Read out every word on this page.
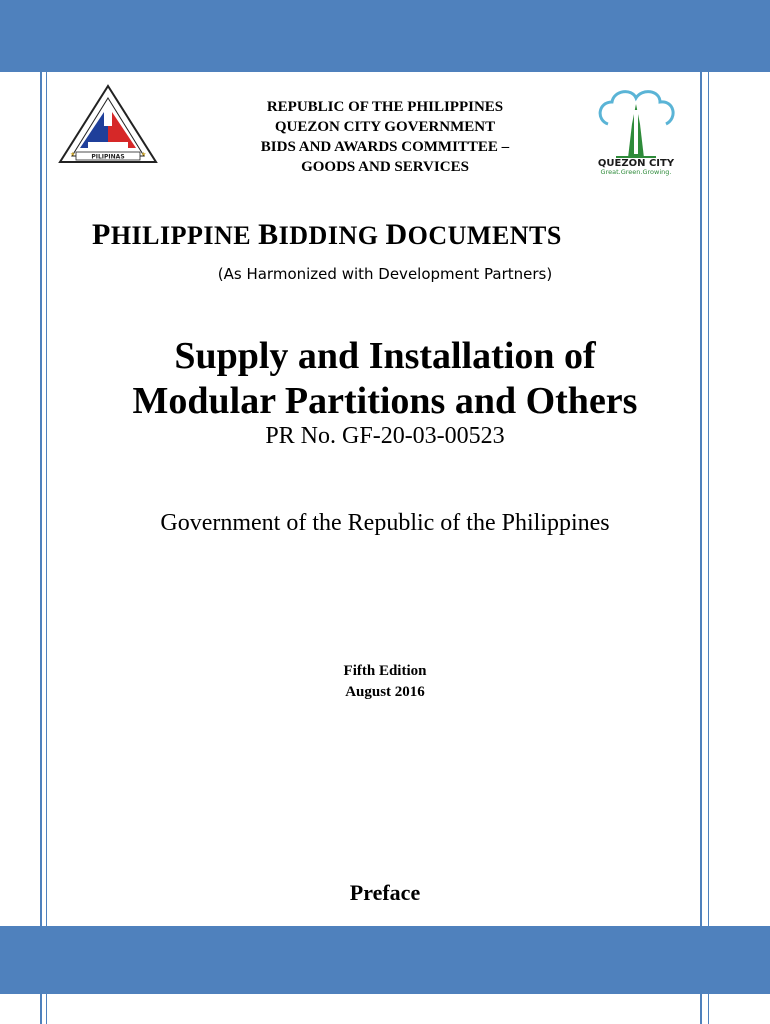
PILIPINAS
★	★
QUEZON CITY
Great.Green.Growing.
REPUBLIC OF THE PHILIPPINES
QUEZON CITY GOVERNMENT
BIDS AND AWARDS COMMITTEE –
GOODS AND SERVICES
PHILIPPINE BIDDING DOCUMENTS
(As Harmonized with Development Partners)
Supply and Installation of
Modular Partitions and Others
PR No. GF-20-03-00523
Government of the Republic of the Philippines
Fifth Edition
August 2016
Preface
